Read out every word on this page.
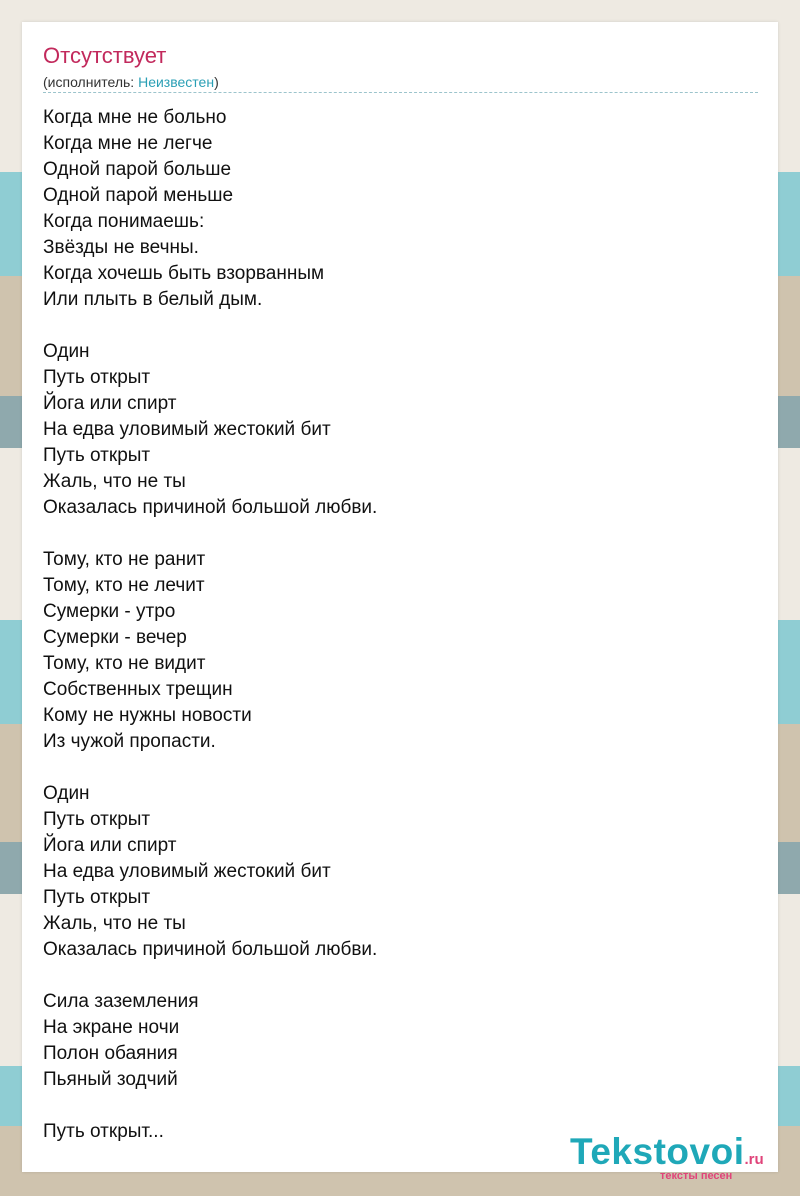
Отсутствует
(исполнитель: Неизвестен)
Когда мне не больно
Когда мне не легче
Одной парой больше
Одной парой меньше
Когда понимаешь:
Звёзды не вечны.
Когда хочешь быть взорванным
Или плыть в белый дым.
Один
Путь открыт
Йога или спирт
На едва уловимый жестокий бит
Путь открыт
Жаль, что не ты
Оказалась причиной большой любви.
Тому, кто не ранит
Тому, кто не лечит
Сумерки - утро
Сумерки - вечер
Тому, кто не видит
Собственных трещин
Кому не нужны новости
Из чужой пропасти.
Один
Путь открыт
Йога или спирт
На едва уловимый жестокий бит
Путь открыт
Жаль, что не ты
Оказалась причиной большой любви.
Сила заземления
На экране ночи
Полон обаяния
Пьяный зодчий
Путь открыт...	Tekstovoi.ru
тексты песен
